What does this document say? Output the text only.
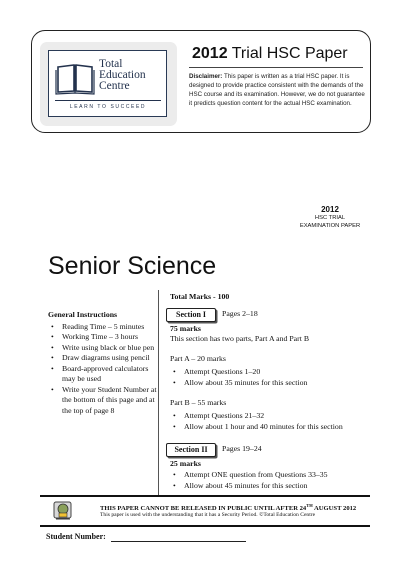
Total
Education
Centre
LEARN TO SUCCEED
2012 Trial HSC Paper
Disclaimer: This paper is written as a trial HSC paper. It is designed to provide practice consistent with the demands of the HSC course and its examination. However, we do not guarantee it predicts question content for the actual HSC examination.
2012
HSC TRIAL
EXAMINATION PAPER
Senior Science
General Instructions
• Reading Time – 5 minutes
• Working Time – 3 hours
• Write using black or blue pen
• Draw diagrams using pencil
• Board-approved calculators may be used
• Write your Student Number at the bottom of this page and at the top of page 8
Total Marks - 100
Section I	Pages 2–18
75 marks
This section has two parts, Part A and Part B
Part A – 20 marks
• Attempt Questions 1–20
• Allow about 35 minutes for this section
Part B – 55 marks
• Attempt Questions 21–32
• Allow about 1 hour and 40 minutes for this section
Section II	Pages 19–24
25 marks
• Attempt ONE question from Questions 33–35
• Allow about 45 minutes for this section
THIS PAPER CANNOT BE RELEASED IN PUBLIC UNTIL AFTER 24TH AUGUST 2012
This paper is used with the understanding that it has a Security Period. ©Total Education Centre
Student Number:
